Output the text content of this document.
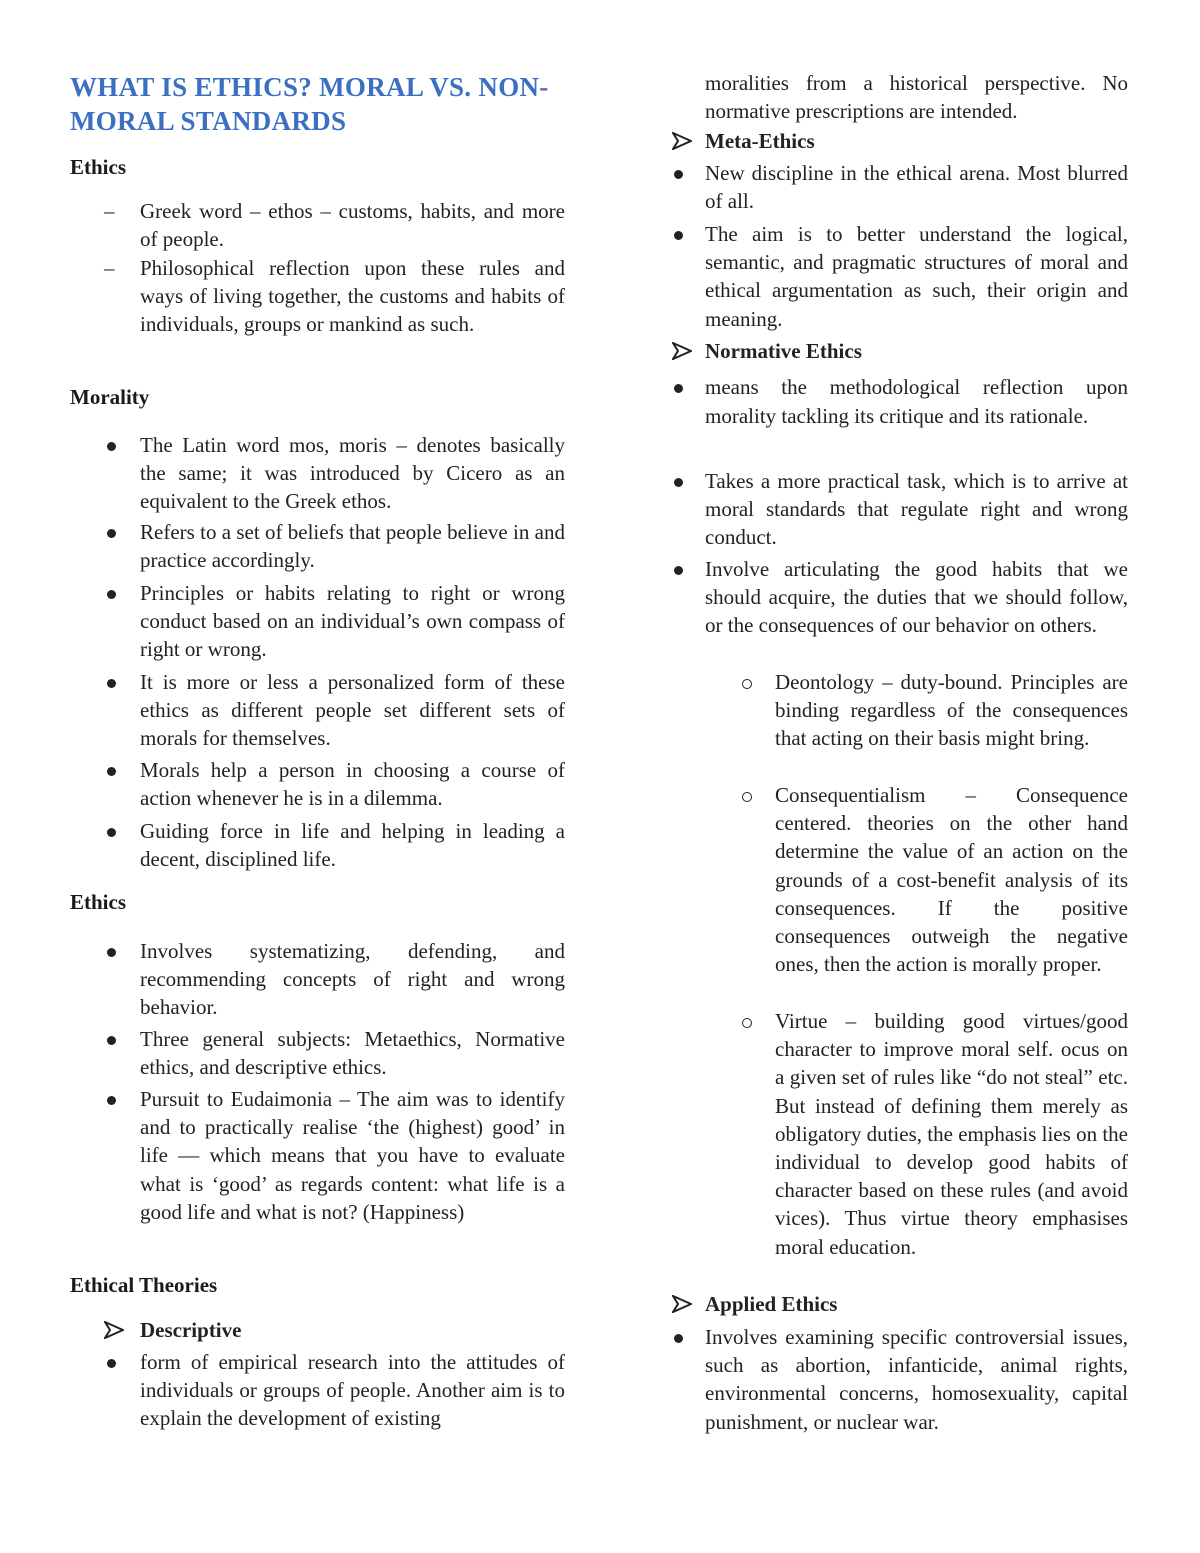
WHAT IS ETHICS? MORAL VS. NON-MORAL STANDARDS
Ethics
– Greek word – ethos – customs, habits, and more of people.
– Philosophical reflection upon these rules and ways of living together, the customs and habits of individuals, groups or mankind as such.
Morality
The Latin word mos, moris – denotes basically the same; it was introduced by Cicero as an equivalent to the Greek ethos.
Refers to a set of beliefs that people believe in and practice accordingly.
Principles or habits relating to right or wrong conduct based on an individual’s own compass of right or wrong.
It is more or less a personalized form of these ethics as different people set different sets of morals for themselves.
Morals help a person in choosing a course of action whenever he is in a dilemma.
Guiding force in life and helping in leading a decent, disciplined life.
Ethics
Involves systematizing, defending, and recommending concepts of right and wrong behavior.
Three general subjects: Metaethics, Normative ethics, and descriptive ethics.
Pursuit to Eudaimonia – The aim was to identify and to practically realise ‘the (highest) good’ in life –– which means that you have to evaluate what is ‘good’ as regards content: what life is a good life and what is not? (Happiness)
Ethical Theories
Descriptive
form of empirical research into the attitudes of individuals or groups of people. Another aim is to explain the development of existing
moralities from a historical perspective. No normative prescriptions are intended.
Meta-Ethics
New discipline in the ethical arena. Most blurred of all.
The aim is to better understand the logical, semantic, and pragmatic structures of moral and ethical argumentation as such, their origin and meaning.
Normative Ethics
means the methodological reflection upon morality tackling its critique and its rationale.
Takes a more practical task, which is to arrive at moral standards that regulate right and wrong conduct.
Involve articulating the good habits that we should acquire, the duties that we should follow, or the consequences of our behavior on others.
Deontology – duty-bound. Principles are binding regardless of the consequences that acting on their basis might bring.
Consequentialism – Consequence centered. theories on the other hand determine the value of an action on the grounds of a cost-benefit analysis of its consequences. If the positive consequences outweigh the negative ones, then the action is morally proper.
Virtue – building good virtues/good character to improve moral self. ocus on a given set of rules like “do not steal” etc. But instead of defining them merely as obligatory duties, the emphasis lies on the individual to develop good habits of character based on these rules (and avoid vices). Thus virtue theory emphasises moral education.
Applied Ethics
Involves examining specific controversial issues, such as abortion, infanticide, animal rights, environmental concerns, homosexuality, capital punishment, or nuclear war.
